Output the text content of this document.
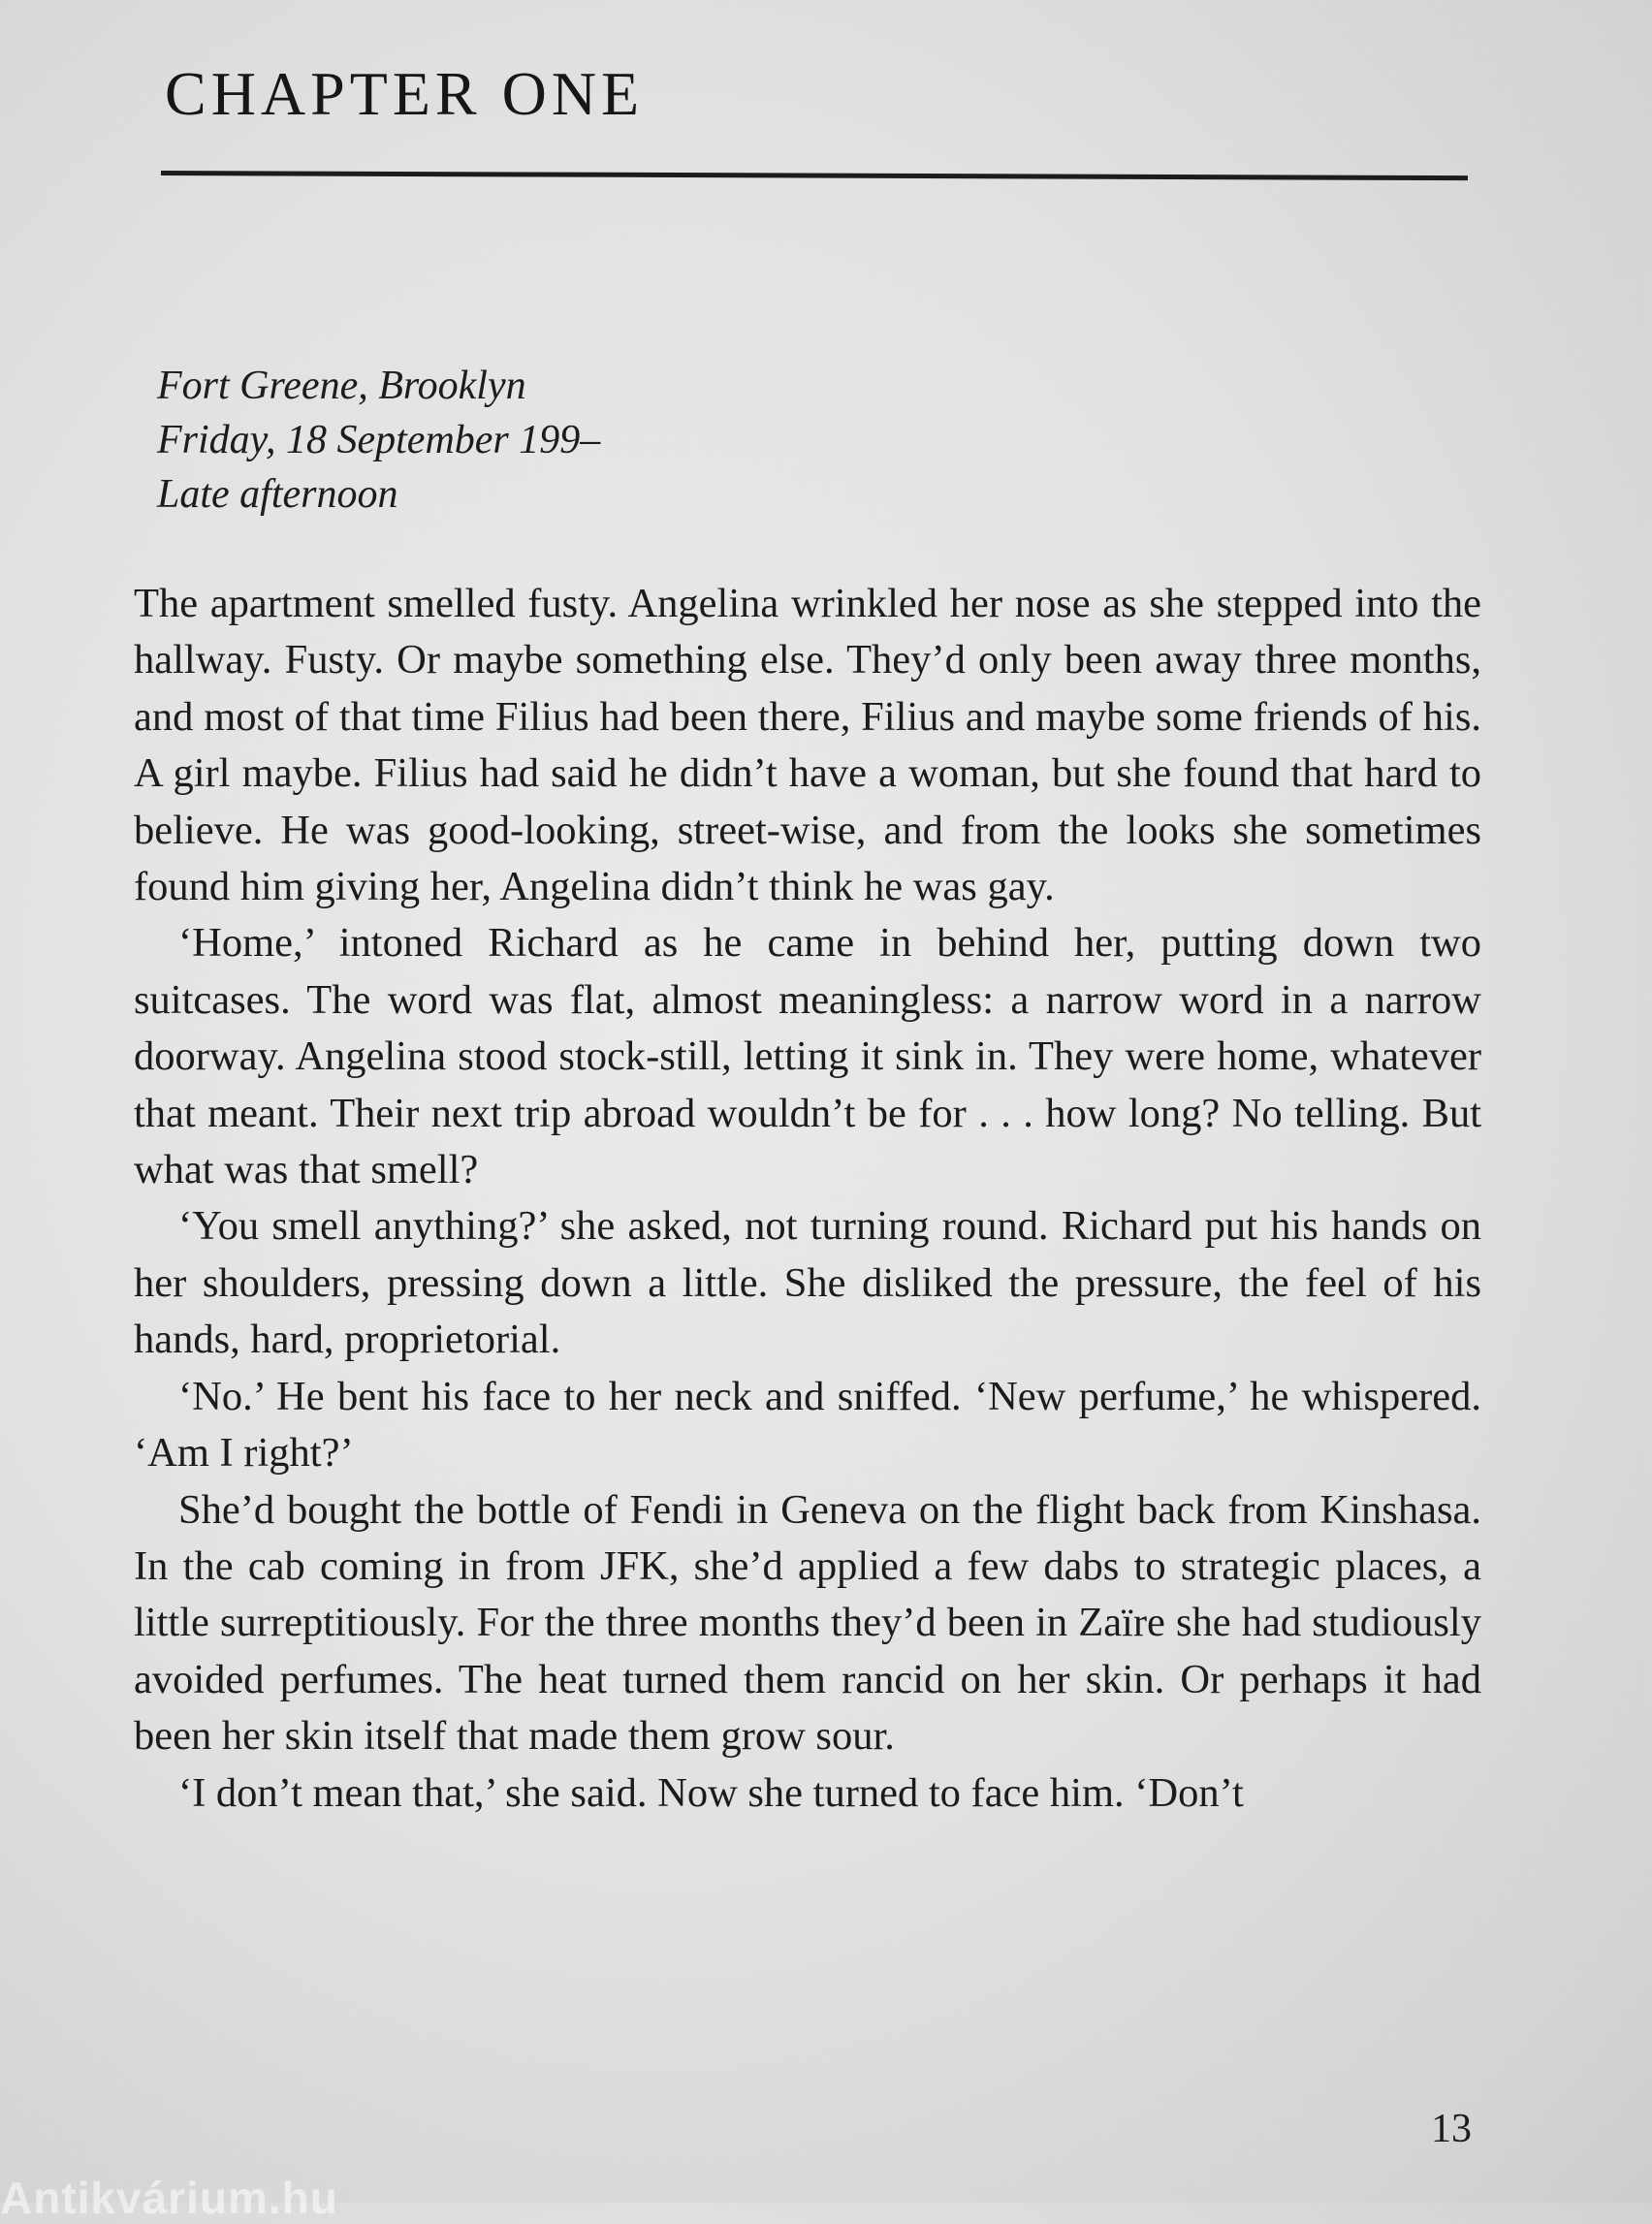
CHAPTER ONE
Fort Greene, Brooklyn
Friday, 18 September 199–
Late afternoon

The apartment smelled fusty. Angelina wrinkled her nose as she stepped into the hallway. Fusty. Or maybe something else. They’d only been away three months, and most of that time Filius had been there, Filius and maybe some friends of his. A girl maybe. Filius had said he didn’t have a woman, but she found that hard to believe. He was good-looking, street-wise, and from the looks she sometimes found him giving her, Angelina didn’t think he was gay.

‘Home,’ intoned Richard as he came in behind her, putting down two suitcases. The word was flat, almost meaningless: a narrow word in a narrow doorway. Angelina stood stock-still, letting it sink in. They were home, whatever that meant. Their next trip abroad wouldn’t be for . . . how long? No telling. But what was that smell?

‘You smell anything?’ she asked, not turning round. Richard put his hands on her shoulders, pressing down a little. She disliked the pressure, the feel of his hands, hard, proprietorial.

‘No.’ He bent his face to her neck and sniffed. ‘New perfume,’ he whispered. ‘Am I right?’

She’d bought the bottle of Fendi in Geneva on the flight back from Kinshasa. In the cab coming in from JFK, she’d applied a few dabs to strategic places, a little surreptitiously. For the three months they’d been in Zaïre she had studiously avoided perfumes. The heat turned them rancid on her skin. Or perhaps it had been her skin itself that made them grow sour.

‘I don’t mean that,’ she said. Now she turned to face him. ‘Don’t

13
Antikvárium.hu
